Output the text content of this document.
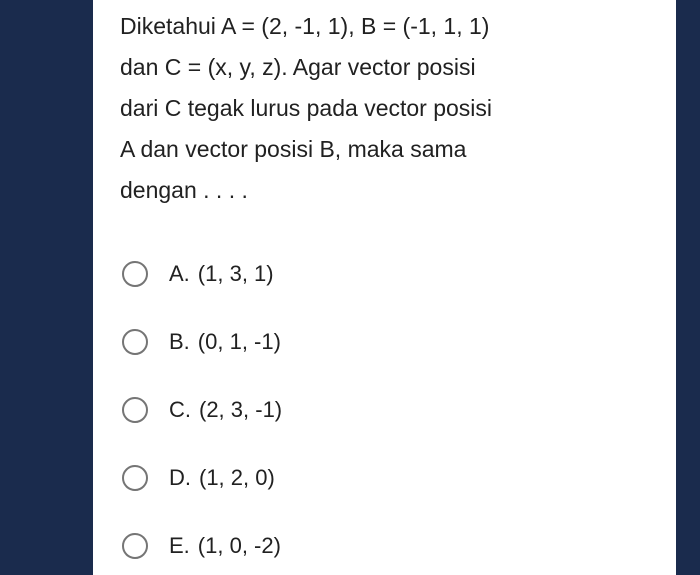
Diketahui A = (2, -1, 1), B = (-1, 1, 1)
dan C = (x, y, z). Agar vector posisi
dari C tegak lurus pada vector posisi
A dan vector posisi B, maka sama
dengan . . . .

A. (1, 3, 1)
B. (0, 1, -1)
C. (2, 3, -1)
D. (1, 2, 0)
E. (1, 0, -2)
